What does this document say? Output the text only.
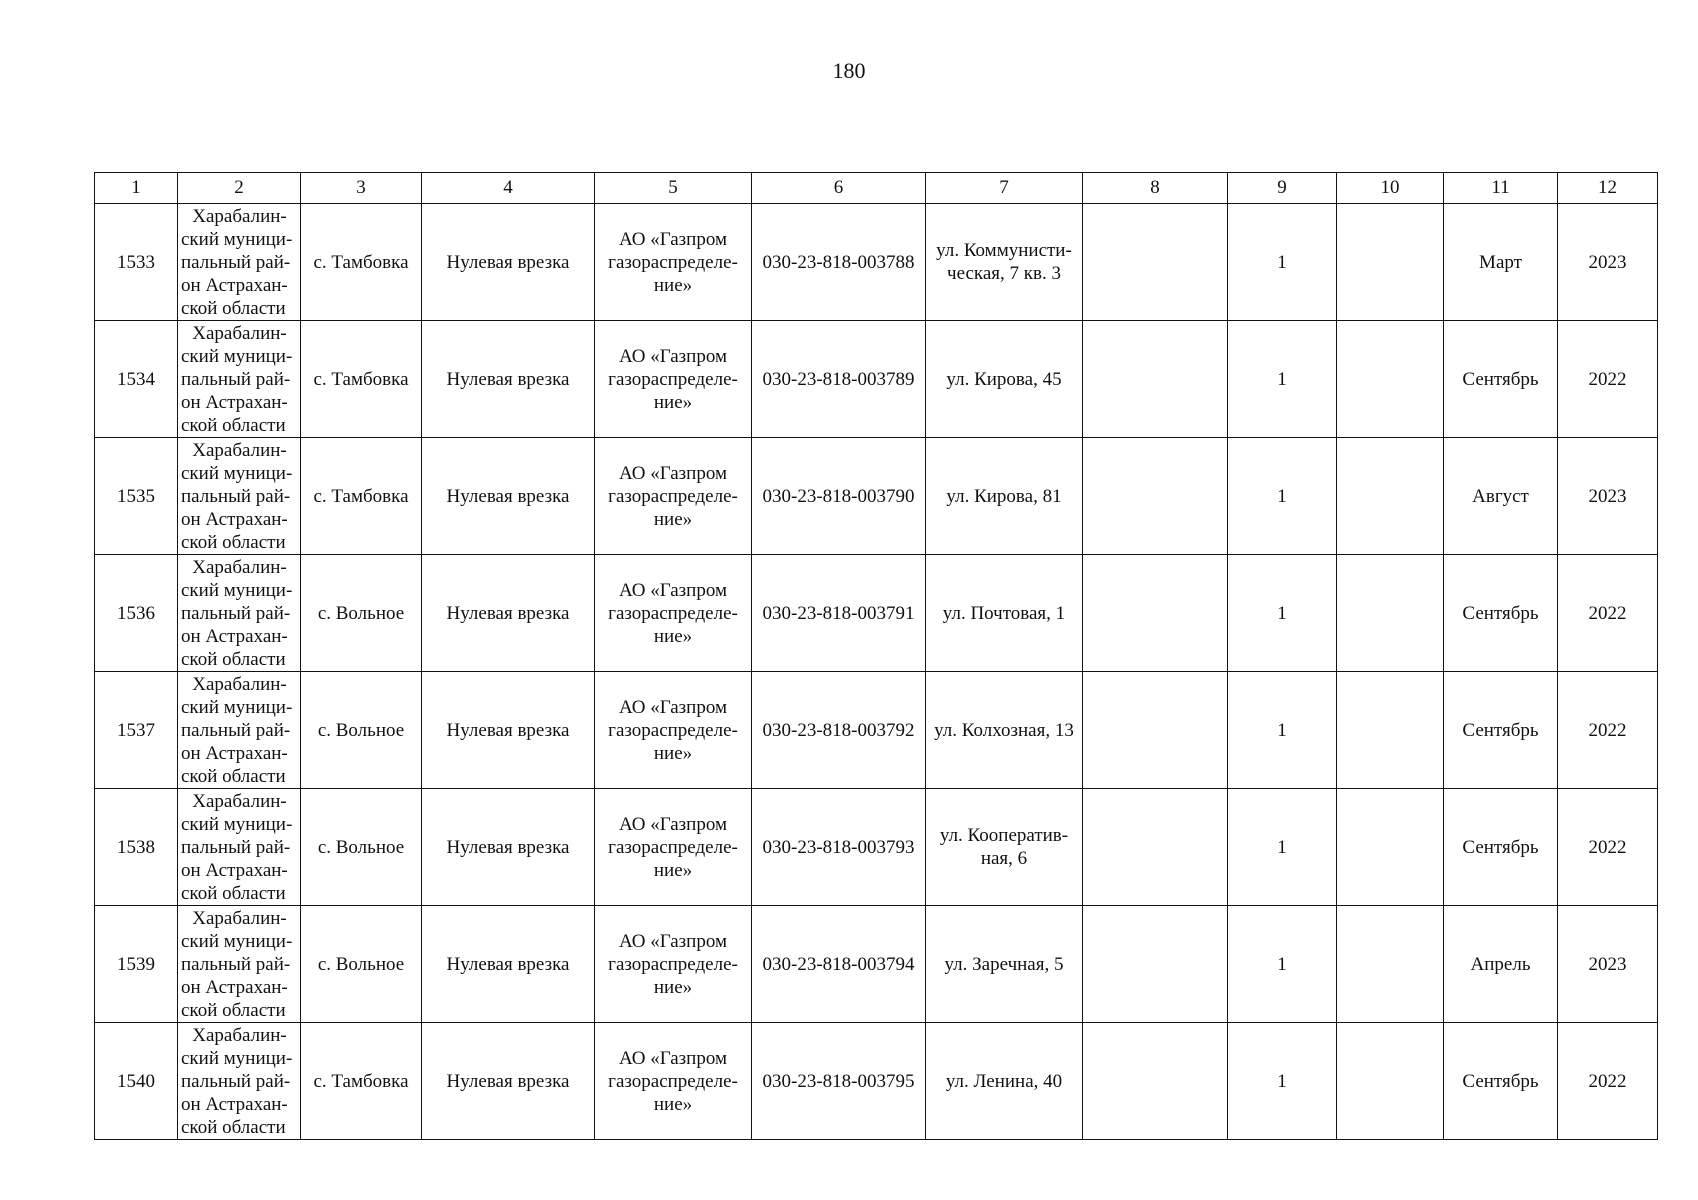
180
1	2	3	4	5	6	7	8	9	10	11	12
1533	Харабалин-
ский муници-
пальный рай-
он Астрахан-
ской области	с. Тамбовка	Нулевая врезка	АО «Газпром
газораспределе-
ние»	030-23-818-003788	ул. Коммунисти-
ческая, 7 кв. 3		1		Март	2023
1534	Харабалин-
ский муници-
пальный рай-
он Астрахан-
ской области	с. Тамбовка	Нулевая врезка	АО «Газпром
газораспределе-
ние»	030-23-818-003789	ул. Кирова, 45		1		Сентябрь	2022
1535	Харабалин-
ский муници-
пальный рай-
он Астрахан-
ской области	с. Тамбовка	Нулевая врезка	АО «Газпром
газораспределе-
ние»	030-23-818-003790	ул. Кирова, 81		1		Август	2023
1536	Харабалин-
ский муници-
пальный рай-
он Астрахан-
ской области	с. Вольное	Нулевая врезка	АО «Газпром
газораспределе-
ние»	030-23-818-003791	ул. Почтовая, 1		1		Сентябрь	2022
1537	Харабалин-
ский муници-
пальный рай-
он Астрахан-
ской области	с. Вольное	Нулевая врезка	АО «Газпром
газораспределе-
ние»	030-23-818-003792	ул. Колхозная, 13		1		Сентябрь	2022
1538	Харабалин-
ский муници-
пальный рай-
он Астрахан-
ской области	с. Вольное	Нулевая врезка	АО «Газпром
газораспределе-
ние»	030-23-818-003793	ул. Кооператив-
ная, 6		1		Сентябрь	2022
1539	Харабалин-
ский муници-
пальный рай-
он Астрахан-
ской области	с. Вольное	Нулевая врезка	АО «Газпром
газораспределе-
ние»	030-23-818-003794	ул. Заречная, 5		1		Апрель	2023
1540	Харабалин-
ский муници-
пальный рай-
он Астрахан-
ской области	с. Тамбовка	Нулевая врезка	АО «Газпром
газораспределе-
ние»	030-23-818-003795	ул. Ленина, 40		1		Сентябрь	2022
